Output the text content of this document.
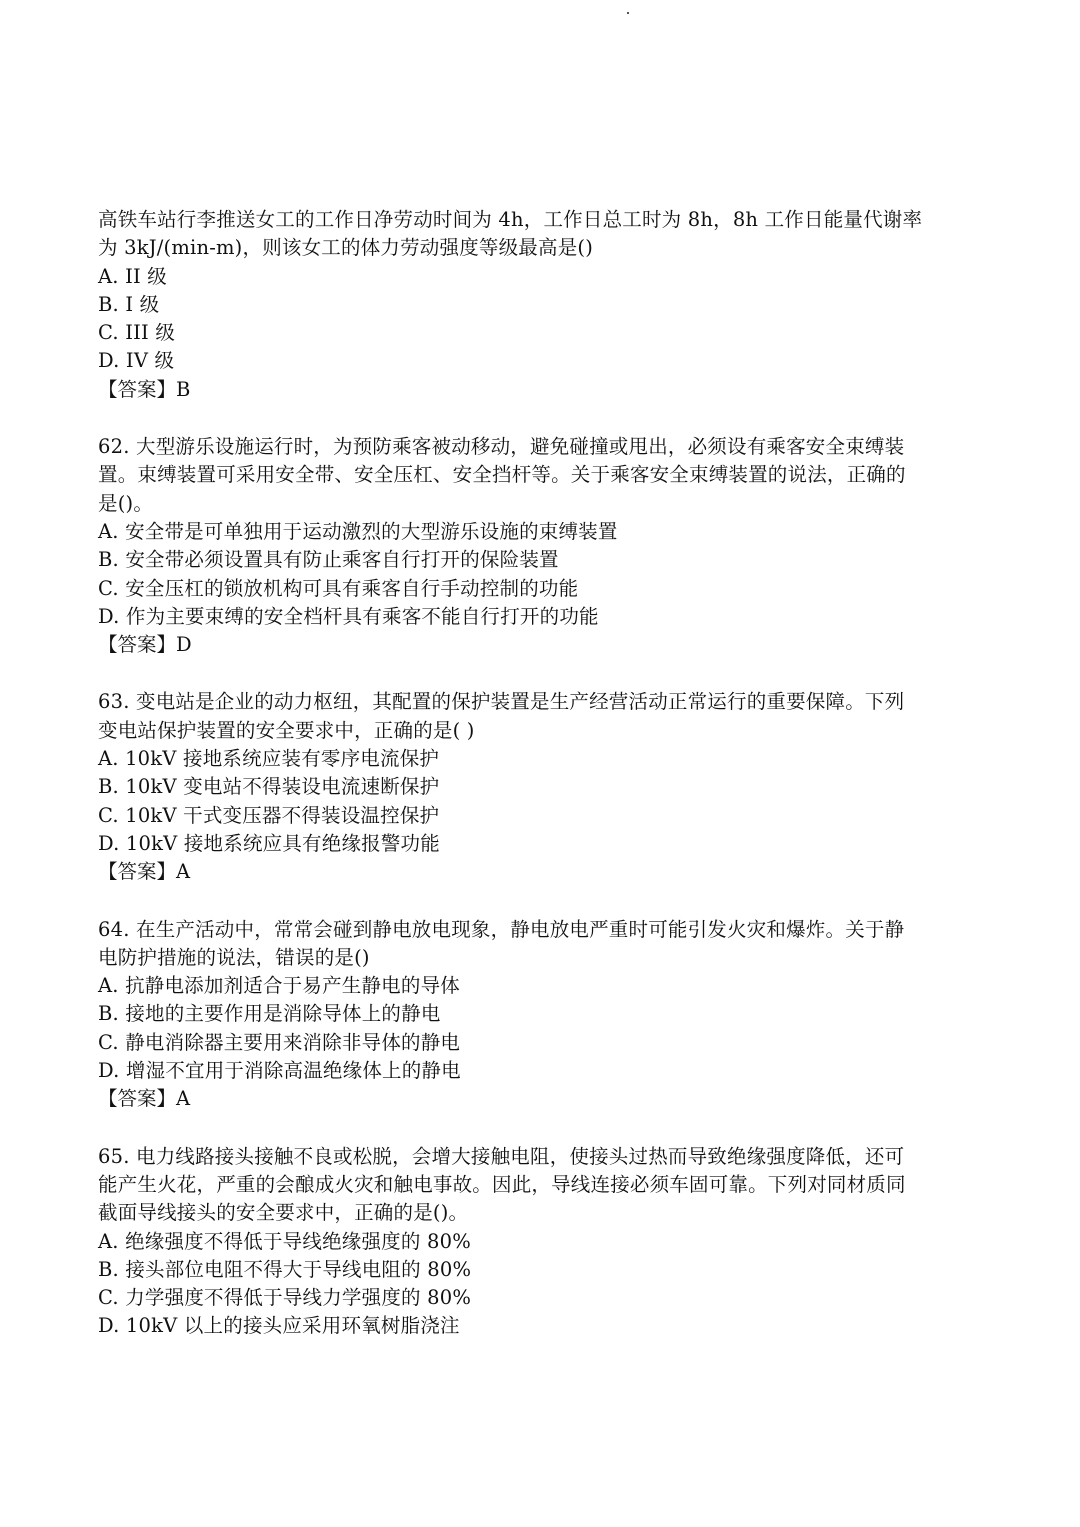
高铁车站行李推送女工的工作日净劳动时间为 4h，工作日总工时为 8h，8h 工作日能量代谢率
为 3kJ/(min-m)，则该女工的体力劳动强度等级最高是()
A. II 级
B. I 级
C. III 级
D. IV 级
【答案】B
62. 大型游乐设施运行时，为预防乘客被动移动，避免碰撞或甩出，必须设有乘客安全束缚装
置。束缚装置可采用安全带、安全压杠、安全挡杆等。关于乘客安全束缚装置的说法，正确的
是()。
A. 安全带是可单独用于运动激烈的大型游乐设施的束缚装置
B. 安全带必须设置具有防止乘客自行打开的保险装置
C. 安全压杠的锁放机构可具有乘客自行手动控制的功能
D. 作为主要束缚的安全档杆具有乘客不能自行打开的功能
【答案】D
63. 变电站是企业的动力枢纽，其配置的保护装置是生产经营活动正常运行的重要保障。下列
变电站保护装置的安全要求中，正确的是( )
A. 10kV 接地系统应装有零序电流保护
B. 10kV 变电站不得装设电流速断保护
C. 10kV 干式变压器不得装设温控保护
D. 10kV 接地系统应具有绝缘报警功能
【答案】A
64. 在生产活动中，常常会碰到静电放电现象，静电放电严重时可能引发火灾和爆炸。关于静
电防护措施的说法，错误的是()
A. 抗静电添加剂适合于易产生静电的导体
B. 接地的主要作用是消除导体上的静电
C. 静电消除器主要用来消除非导体的静电
D. 增湿不宜用于消除高温绝缘体上的静电
【答案】A
65. 电力线路接头接触不良或松脱，会增大接触电阻，使接头过热而导致绝缘强度降低，还可
能产生火花，严重的会酿成火灾和触电事故。因此，导线连接必须车固可靠。下列对同材质同
截面导线接头的安全要求中，正确的是()。
A. 绝缘强度不得低于导线绝缘强度的 80%
B. 接头部位电阻不得大于导线电阻的 80%
C. 力学强度不得低于导线力学强度的 80%
D. 10kV 以上的接头应采用环氧树脂浇注
